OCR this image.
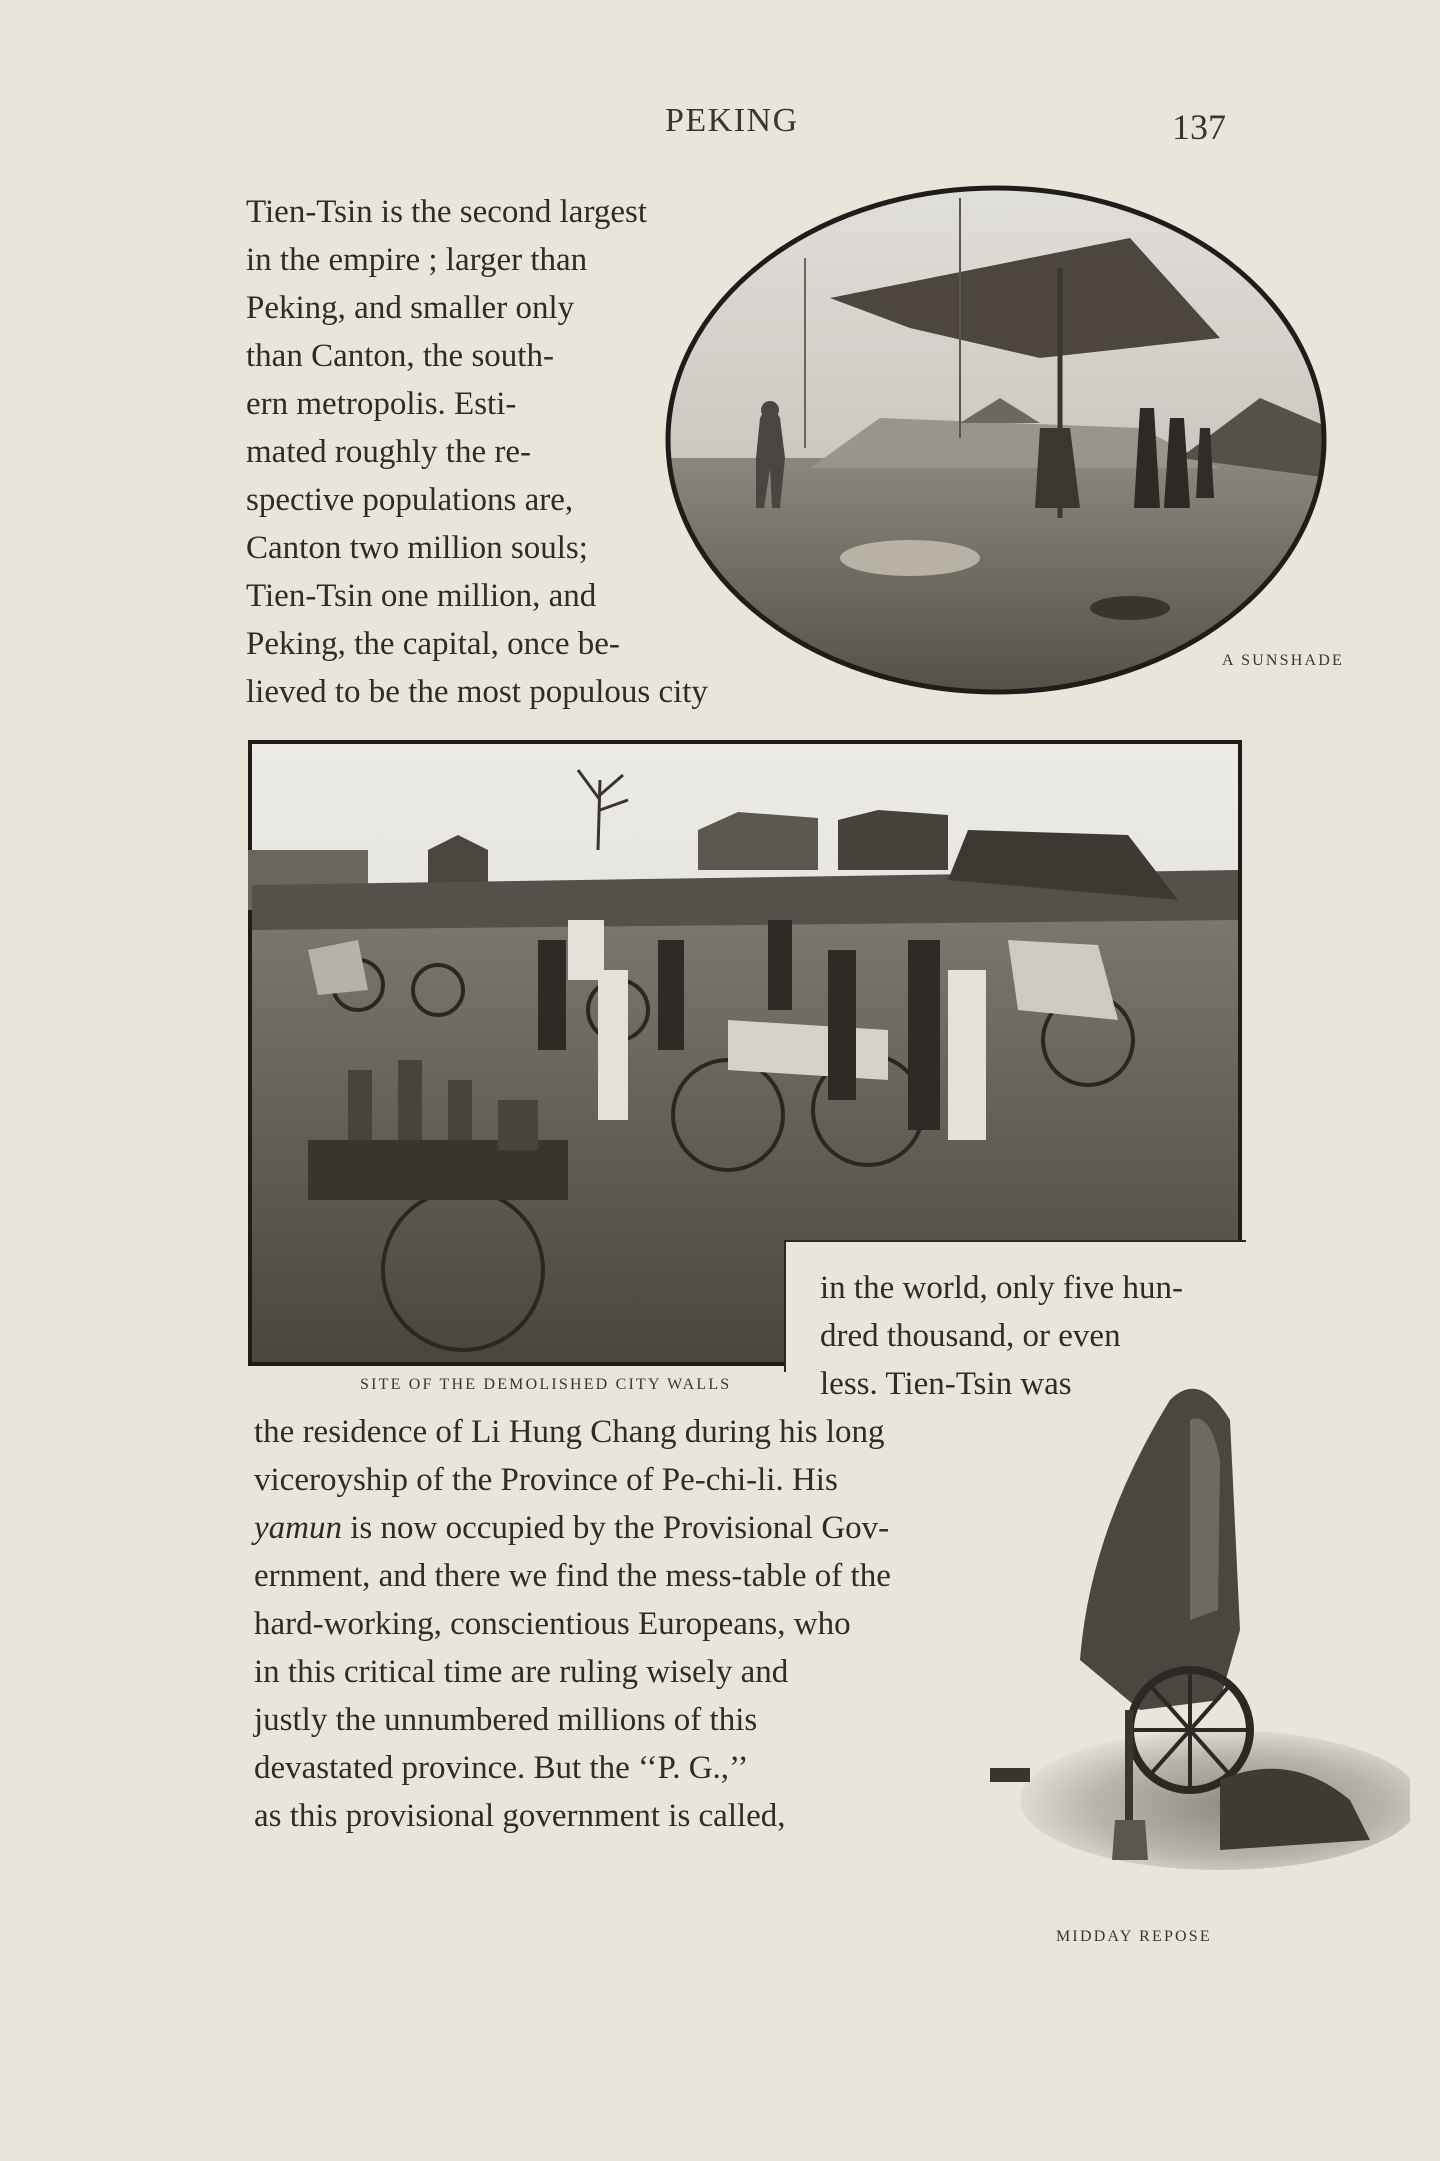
PEKING	137
A SUNSHADE
Tien-Tsin is the second largest
in the empire ; larger than
Peking, and smaller only
than Canton, the south-
ern metropolis. Esti-
mated roughly the re-
spective populations are,
Canton two million souls;
Tien-Tsin one million, and
Peking, the capital, once be-
lieved to be the most populous city
SITE OF THE DEMOLISHED CITY WALLS
in the world, only five hun-
dred thousand, or even
less. Tien-Tsin was
the residence of Li Hung Chang during his long
viceroyship of the Province of Pe-chi-li. His
yamun is now occupied by the Provisional Gov-
ernment, and there we find the mess-table of the
hard-working, conscientious Europeans, who
in this critical time are ruling wisely and
justly the unnumbered millions of this
devastated province. But the ‘‘P. G.,’’
as this provisional government is called,
MIDDAY REPOSE
